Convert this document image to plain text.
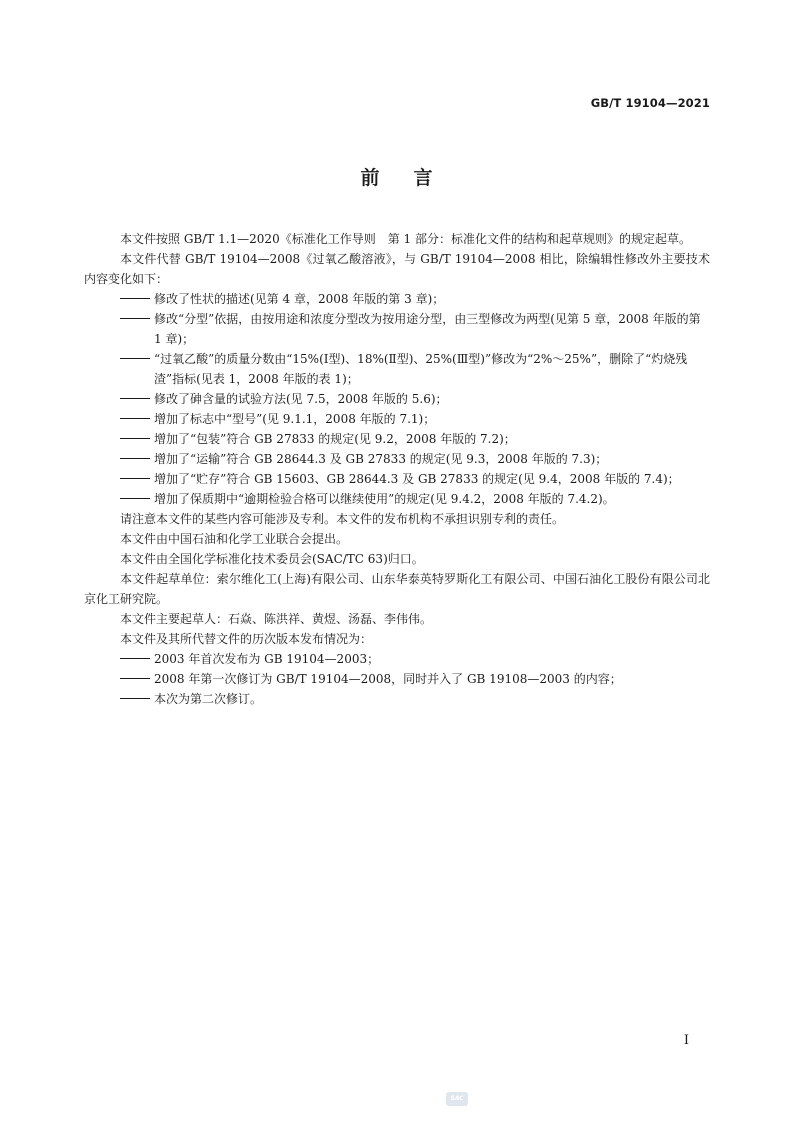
GB/T 19104—2021
前 言

本文件按照 GB/T 1.1—2020《标准化工作导则　第 1 部分：标准化文件的结构和起草规则》的规定起草。

本文件代替 GB/T 19104—2008《过氧乙酸溶液》，与 GB/T 19104—2008 相比，除编辑性修改外主要技术内容变化如下：

修改了性状的描述(见第 4 章，2008 年版的第 3 章)；

修改“分型”依据，由按用途和浓度分型改为按用途分型，由三型修改为两型(见第 5 章，2008 年版的第 1 章)；

“过氧乙酸”的质量分数由“15%(Ⅰ型)、18%(Ⅱ型)、25%(Ⅲ型)”修改为“2%～25%”，删除了“灼烧残渣”指标(见表 1，2008 年版的表 1)；

修改了砷含量的试验方法(见 7.5，2008 年版的 5.6)；

增加了标志中“型号”(见 9.1.1，2008 年版的 7.1)；

增加了“包装”符合 GB 27833 的规定(见 9.2，2008 年版的 7.2)；

增加了“运输”符合 GB 28644.3 及 GB 27833 的规定(见 9.3，2008 年版的 7.3)；

增加了“贮存”符合 GB 15603、GB 28644.3 及 GB 27833 的规定(见 9.4，2008 年版的 7.4)；

增加了保质期中“逾期检验合格可以继续使用”的规定(见 9.4.2，2008 年版的 7.4.2)。

请注意本文件的某些内容可能涉及专利。本文件的发布机构不承担识别专利的责任。

本文件由中国石油和化学工业联合会提出。

本文件由全国化学标准化技术委员会(SAC/TC 63)归口。

本文件起草单位：索尔维化工(上海)有限公司、山东华泰英特罗斯化工有限公司、中国石油化工股份有限公司北京化工研究院。

本文件主要起草人：石焱、陈洪祥、黄煜、汤磊、李伟伟。

本文件及其所代替文件的历次版本发布情况为：

2003 年首次发布为 GB 19104—2003；

2008 年第一次修订为 GB/T 19104—2008，同时并入了 GB 19108—2003 的内容；

本次为第二次修订。

I
SAC
